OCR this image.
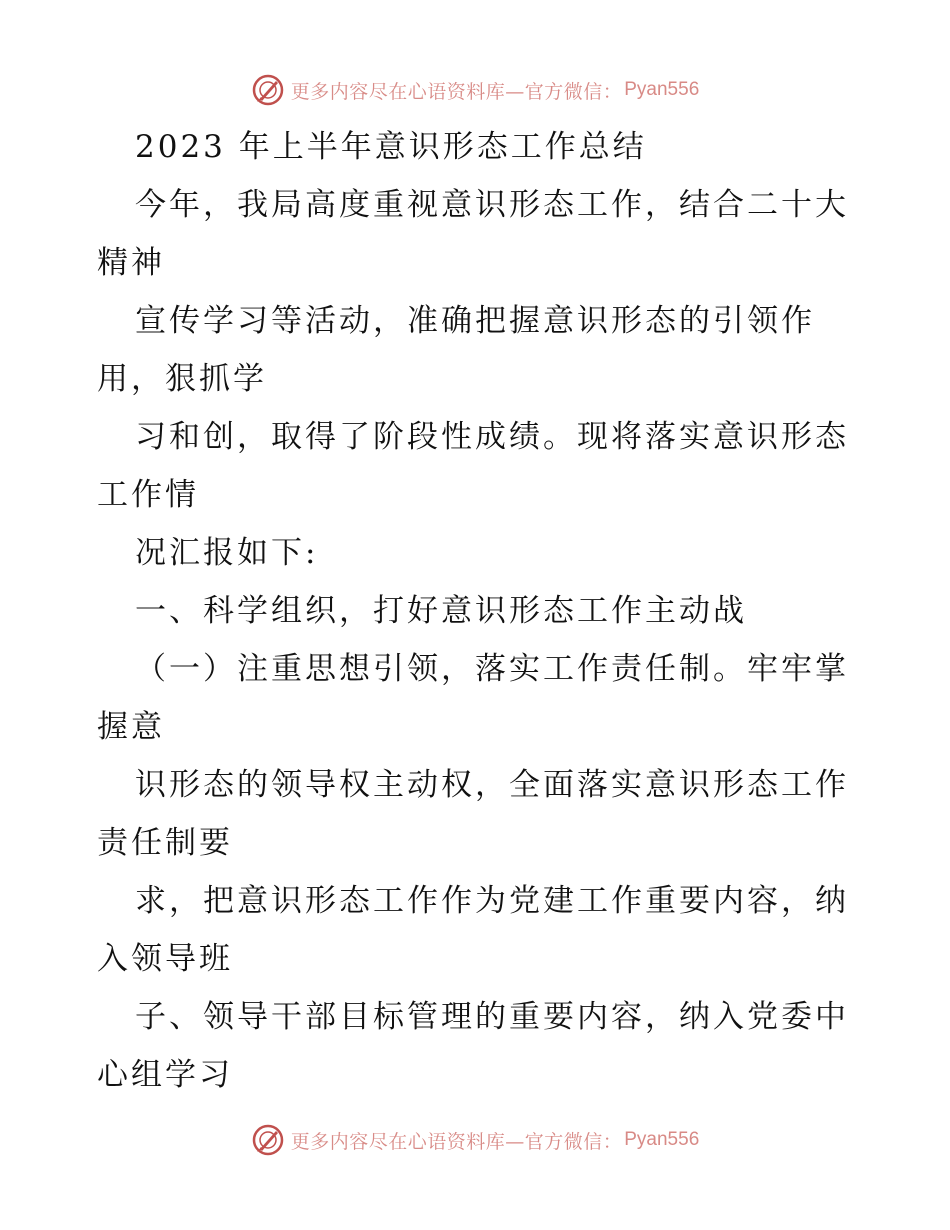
更多内容尽在心语资料库—官方微信： Pyan556
2023 年上半年意识形态工作总结
今年，我局高度重视意识形态工作，结合二十大
精神
宣传学习等活动，准确把握意识形态的引领作
用，狠抓学
习和创，取得了阶段性成绩。现将落实意识形态
工作情
况汇报如下:
一、科学组织，打好意识形态工作主动战
（一）注重思想引领，落实工作责任制。牢牢掌
握意
识形态的领导权主动权，全面落实意识形态工作
责任制要
求，把意识形态工作作为党建工作重要内容，纳
入领导班
子、领导干部目标管理的重要内容，纳入党委中
心组学习
更多内容尽在心语资料库—官方微信： Pyan556
